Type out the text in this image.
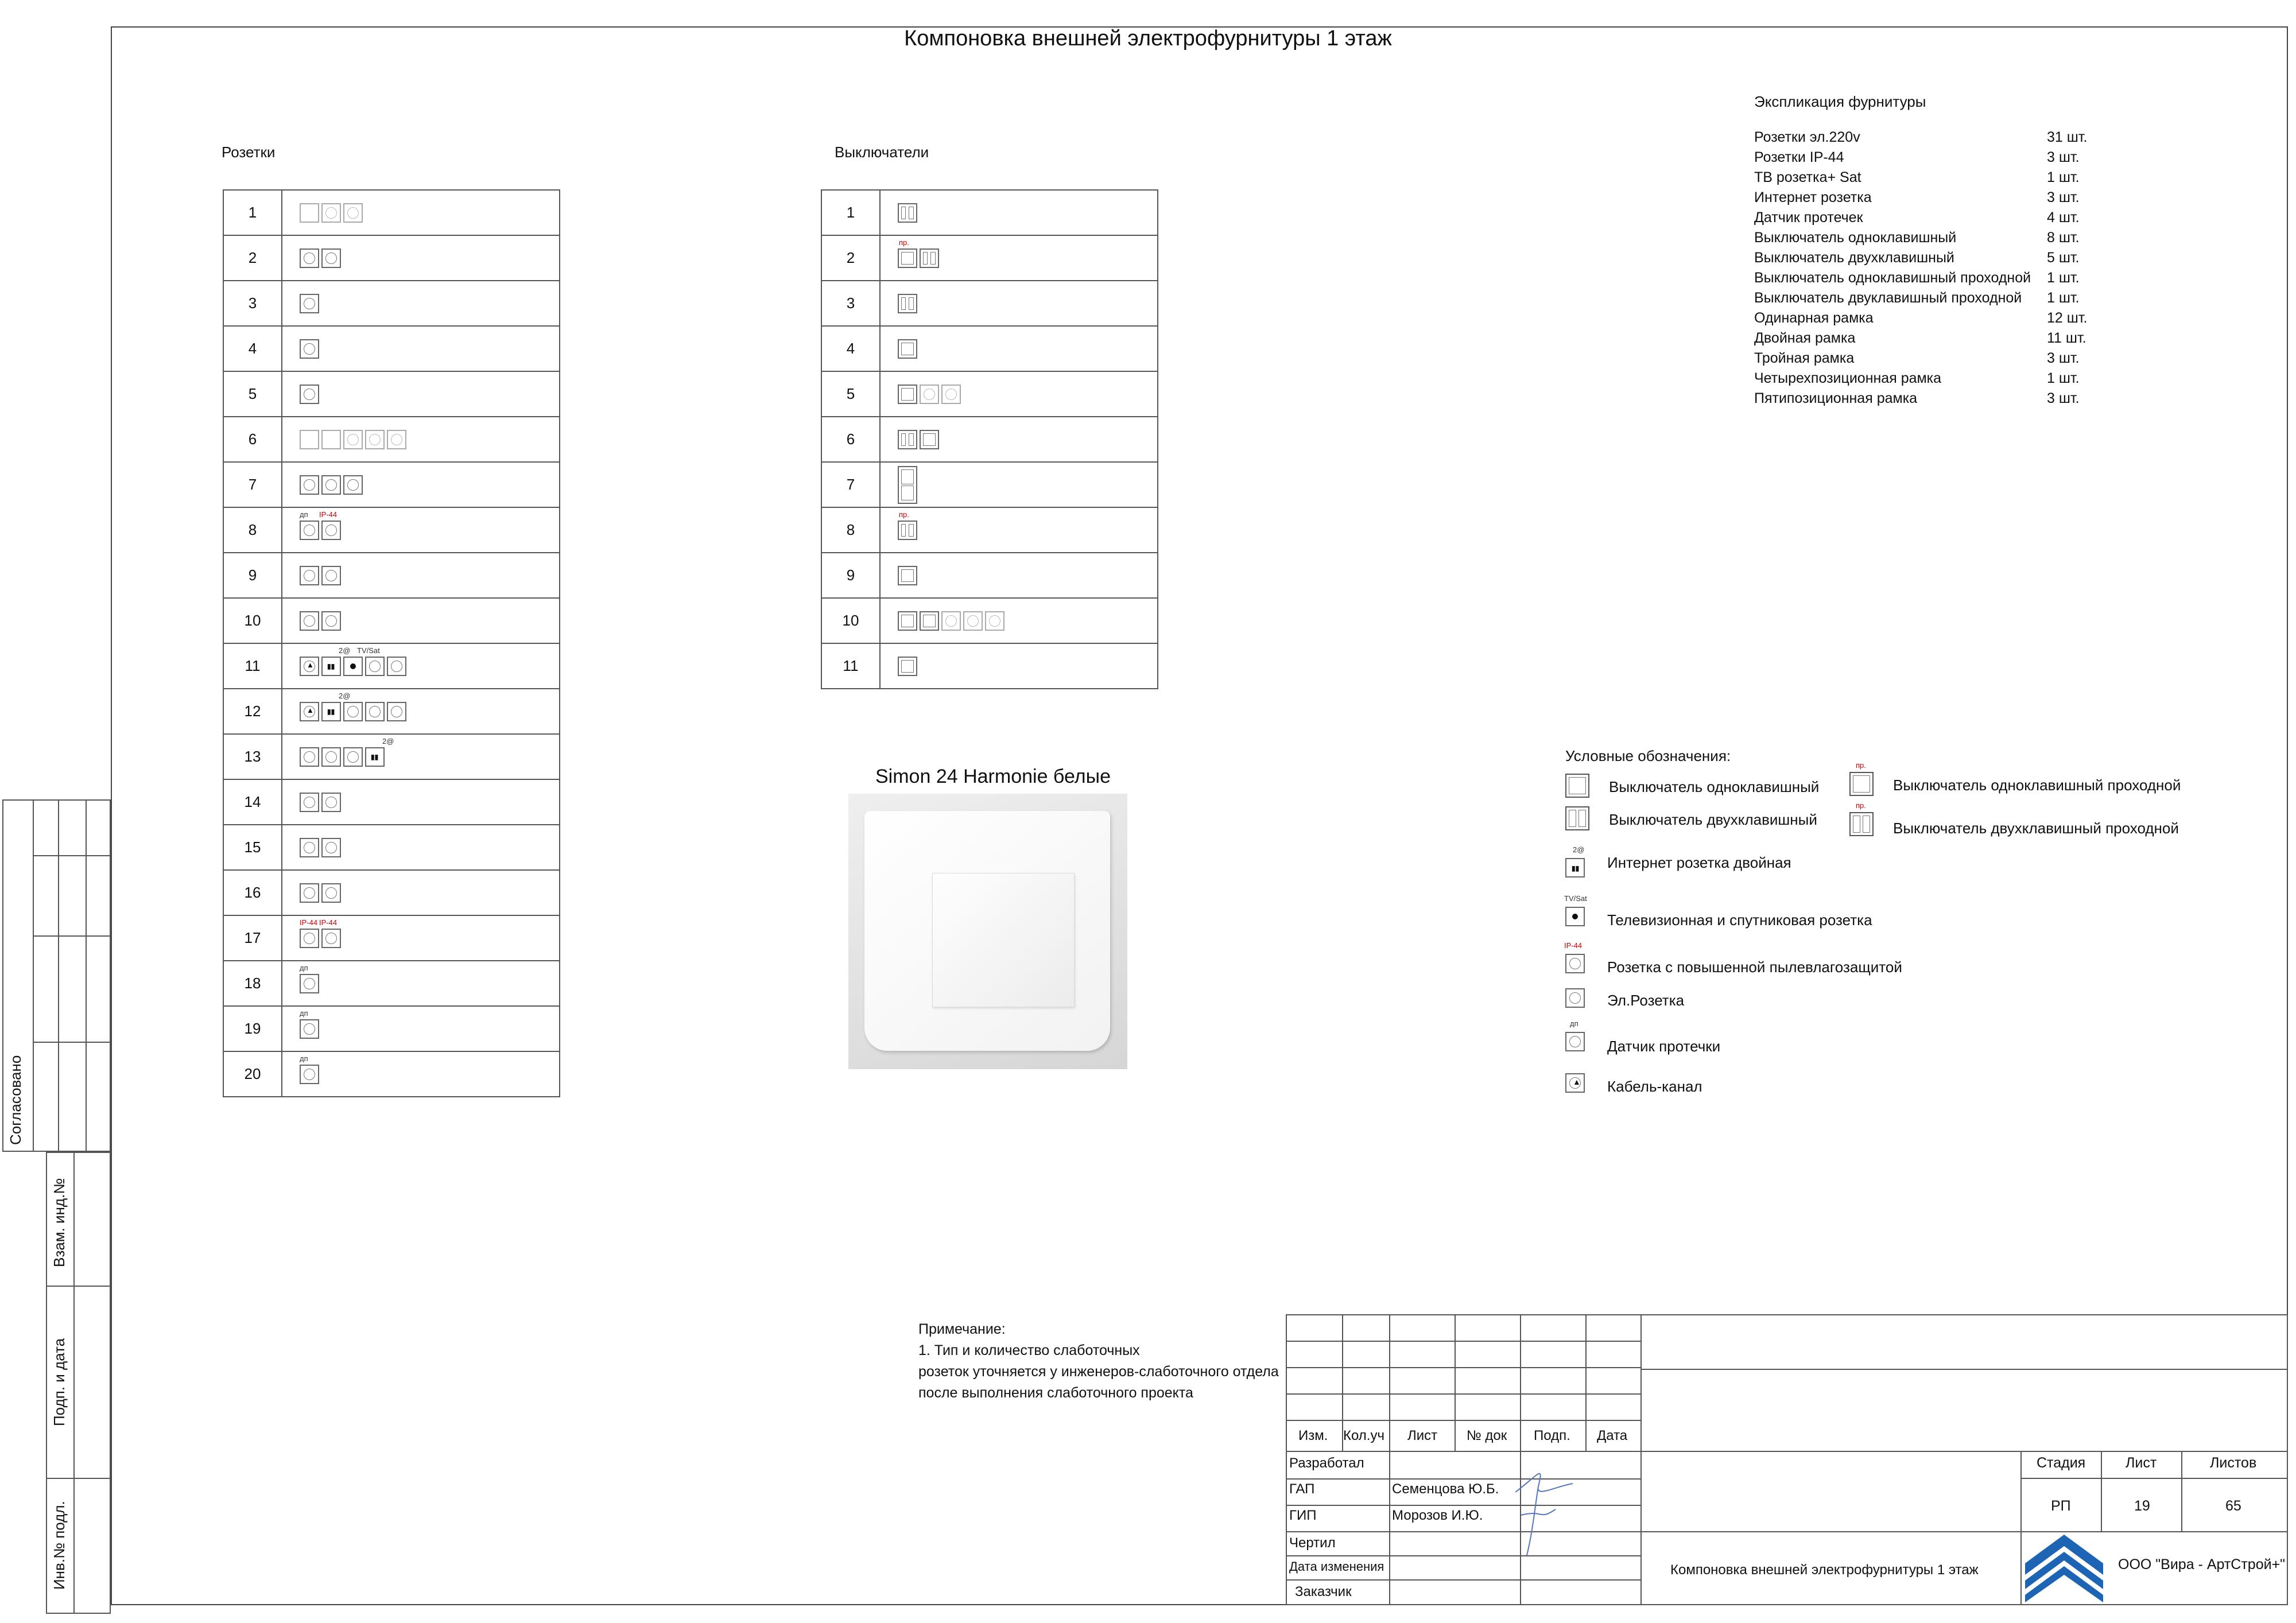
Согласовано
Взам. инд.№
Подп. и дата
Инв.№ подл.
Компоновка внешней электрофурнитуры 1 этаж
Розетки
1	

2	

3	

4	

5	

6	

7	

8	дп IP-44

9	

10	

11	▲ ▮▮
2@ TV/Sat

12	▲ ▮▮
2@

13	▮▮
2@

14	

15	

16	

17	IP-44 IP-44

18	дп

19	дп

20	дп
Выключатели
1	

2	пр.

3	

4	

5	

6	

7	

8	пр.

9	

10	

11	
Simon 24 Harmonie белые
Экспликация фурнитуры
Розетки эл.220v	31 шт.
Розетки IP-44	3 шт.
ТВ розетка+ Sat	1 шт.
Интернет розетка	3 шт.
Датчик протечек	4 шт.
Выключатель одноклавишный	8 шт.
Выключатель двухклавишный	5 шт.
Выключатель одноклавишный проходной	1 шт.
Выключатель двуклавишный проходной	1 шт.
Одинарная рамка	12 шт.
Двойная рамка	11 шт.
Тройная рамка	3 шт.
Четырехпозиционная рамка	1 шт.
Пятипозиционная рамка	3 шт.
Условные обозначения:
Выключатель одноклавишный
Выключатель двухклавишный
пр.
Выключатель одноклавишный проходной
пр.
Выключатель двухклавишный проходной
2@
▮▮ Интернет розетка двойная
TV/Sat
Телевизионная и спутниковая розетка
IP-44
Розетка с повышенной пылевлагозащитой
Эл.Розетка
дп
Датчик протечки
▲ Кабель-канал
Примечание:
1. Тип и количество слаботочных
розеток уточняется у инженеров-слаботочного отдела
после выполнения слаботочного проекта
Изм. Кол.уч Лист № док Подп. Дата
Разработал
ГАП	Семенцова Ю.Б.
ГИП	Морозов И.Ю.
Чертил
Дата изменения
Заказчик
Компоновка внешней электрофурнитуры 1 этаж
Стадия	Лист	Листов
РП	19	65
ООО "Вира - АртСтрой+"
